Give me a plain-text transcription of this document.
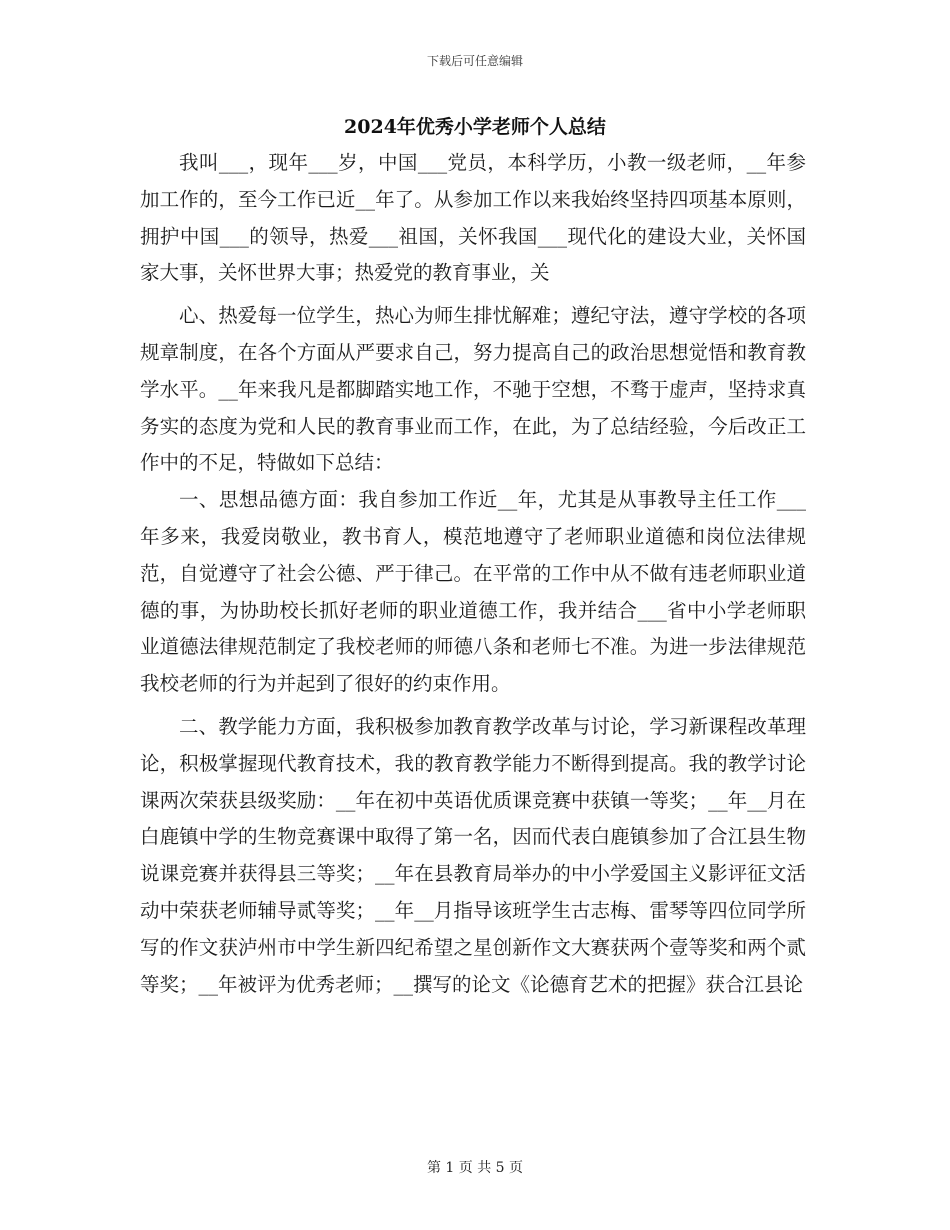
下载后可任意编辑
2024年优秀小学老师个人总结

我叫___，现年___岁，中国___党员，本科学历，小教一级老师，__年参加工作的，至今工作已近__年了。从参加工作以来我始终坚持四项基本原则，拥护中国___的领导，热爱___祖国，关怀我国___现代化的建设大业，关怀国家大事，关怀世界大事；热爱党的教育事业，关

心、热爱每一位学生，热心为师生排忧解难；遵纪守法，遵守学校的各项规章制度，在各个方面从严要求自己，努力提高自己的政治思想觉悟和教育教学水平。__年来我凡是都脚踏实地工作，不驰于空想，不骛于虚声，坚持求真务实的态度为党和人民的教育事业而工作，在此，为了总结经验，今后改正工作中的不足，特做如下总结：

一、思想品德方面：我自参加工作近__年，尤其是从事教导主任工作___年多来，我爱岗敬业，教书育人，模范地遵守了老师职业道德和岗位法律规范，自觉遵守了社会公德、严于律己。在平常的工作中从不做有违老师职业道德的事，为协助校长抓好老师的职业道德工作，我并结合___省中小学老师职业道德法律规范制定了我校老师的师德八条和老师七不准。为进一步法律规范我校老师的行为并起到了很好的约束作用。

二、教学能力方面，我积极参加教育教学改革与讨论，学习新课程改革理论，积极掌握现代教育技术，我的教育教学能力不断得到提高。我的教学讨论课两次荣获县级奖励：__年在初中英语优质课竞赛中获镇一等奖；__年__月在白鹿镇中学的生物竞赛课中取得了第一名，因而代表白鹿镇参加了合江县生物说课竞赛并获得县三等奖；__年在县教育局举办的中小学爱国主义影评征文活动中荣获老师辅导贰等奖；__年__月指导该班学生古志梅、雷琴等四位同学所写的作文获泸州市中学生新四纪希望之星创新作文大赛获两个壹等奖和两个贰等奖；__年被评为优秀老师；__撰写的论文《论德育艺术的把握》获合江县论

第 1 页 共 5 页
